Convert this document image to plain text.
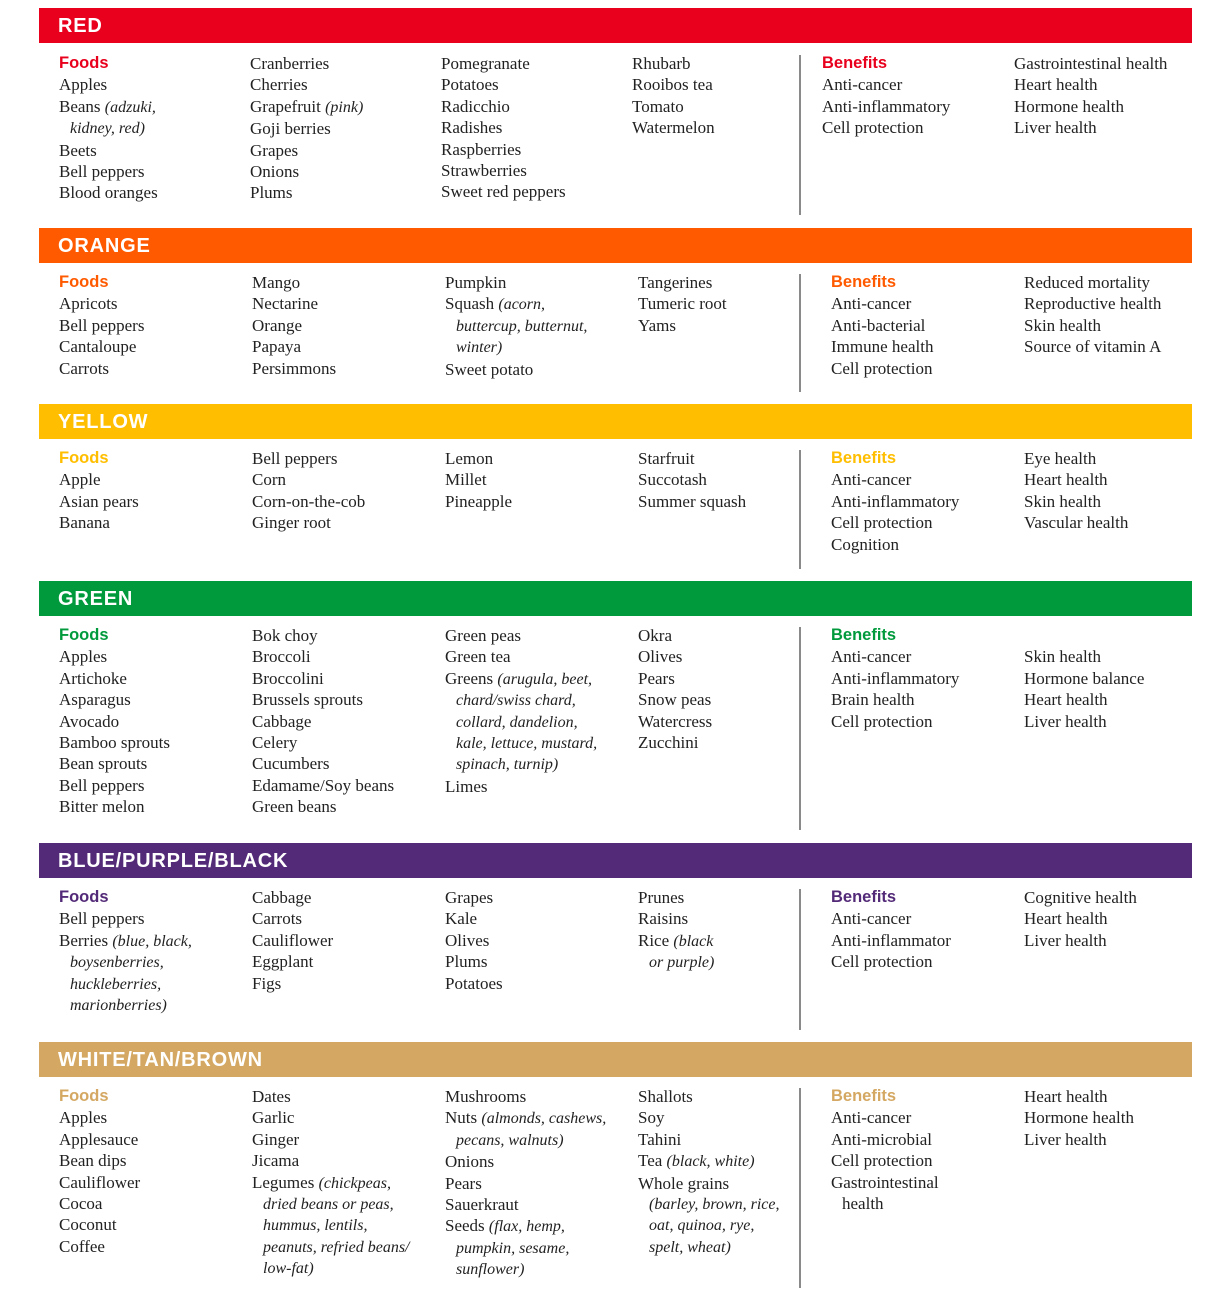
RED
Foods
Apples
Beans (adzuki,
kidney, red)
Beets
Bell peppers
Blood oranges
Cranberries
Cherries
Grapefruit (pink)
Goji berries
Grapes
Onions
Plums
Pomegranate
Potatoes
Radicchio
Radishes
Raspberries
Strawberries
Sweet red peppers
Rhubarb
Rooibos tea
Tomato
Watermelon
Benefits
Anti-cancer
Anti-inflammatory
Cell protection
Gastrointestinal health
Heart health
Hormone health
Liver health
ORANGE
Foods
Apricots
Bell peppers
Cantaloupe
Carrots
Mango
Nectarine
Orange
Papaya
Persimmons
Pumpkin
Squash (acorn,
buttercup, butternut,
winter)
Sweet potato
Tangerines
Tumeric root
Yams
Benefits
Anti-cancer
Anti-bacterial
Immune health
Cell protection
Reduced mortality
Reproductive health
Skin health
Source of vitamin A
YELLOW
Foods
Apple
Asian pears
Banana
Bell peppers
Corn
Corn-on-the-cob
Ginger root
Lemon
Millet
Pineapple
Starfruit
Succotash
Summer squash
Benefits
Anti-cancer
Anti-inflammatory
Cell protection
Cognition
Eye health
Heart health
Skin health
Vascular health
GREEN
Foods
Apples
Artichoke
Asparagus
Avocado
Bamboo sprouts
Bean sprouts
Bell peppers
Bitter melon
Bok choy
Broccoli
Broccolini
Brussels sprouts
Cabbage
Celery
Cucumbers
Edamame/Soy beans
Green beans
Green peas
Green tea
Greens (arugula, beet,
chard/swiss chard,
collard, dandelion,
kale, lettuce, mustard,
spinach, turnip)
Limes
Okra
Olives
Pears
Snow peas
Watercress
Zucchini
Benefits
Anti-cancer
Anti-inflammatory
Brain health
Cell protection
Skin health
Hormone balance
Heart health
Liver health
BLUE/PURPLE/BLACK
Foods
Bell peppers
Berries (blue, black,
boysenberries,
huckleberries,
marionberries)
Cabbage
Carrots
Cauliflower
Eggplant
Figs
Grapes
Kale
Olives
Plums
Potatoes
Prunes
Raisins
Rice (black
or purple)
Benefits
Anti-cancer
Anti-inflammator
Cell protection
Cognitive health
Heart health
Liver health
WHITE/TAN/BROWN
Foods
Apples
Applesauce
Bean dips
Cauliflower
Cocoa
Coconut
Coffee
Dates
Garlic
Ginger
Jicama
Legumes (chickpeas,
dried beans or peas,
hummus, lentils,
peanuts, refried beans/
low-fat)
Mushrooms
Nuts (almonds, cashews,
pecans, walnuts)
Onions
Pears
Sauerkraut
Seeds (flax, hemp,
pumpkin, sesame,
sunflower)
Shallots
Soy
Tahini
Tea (black, white)
Whole grains
(barley, brown, rice,
oat, quinoa, rye,
spelt, wheat)
Benefits
Anti-cancer
Anti-microbial
Cell protection
Gastrointestinal
health
Heart health
Hormone health
Liver health
